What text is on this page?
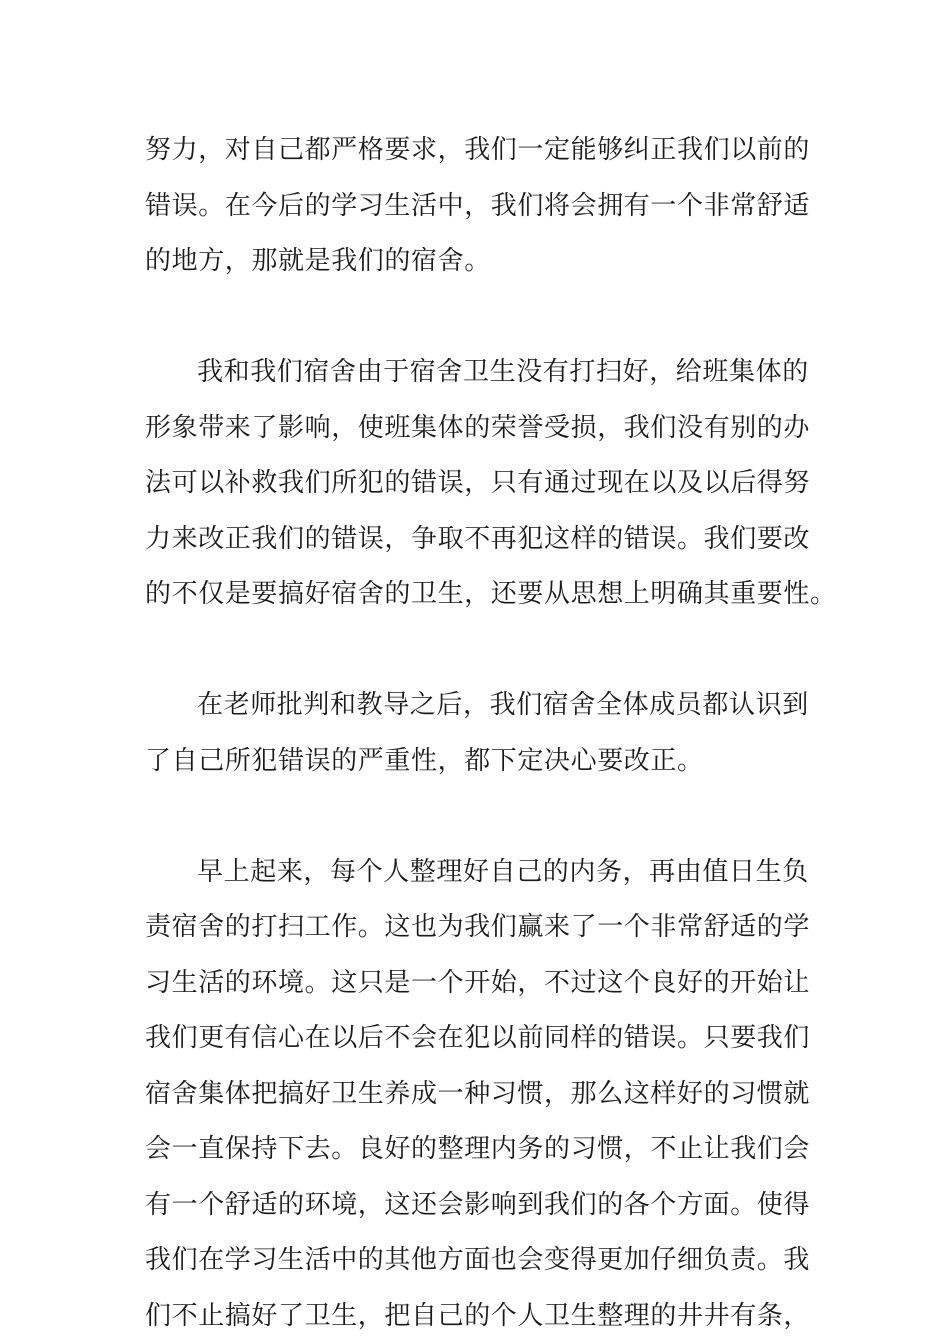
努力，对自己都严格要求，我们一定能够纠正我们以前的
错误。在今后的学习生活中，我们将会拥有一个非常舒适
的地方，那就是我们的宿舍。

我和我们宿舍由于宿舍卫生没有打扫好，给班集体的
形象带来了影响，使班集体的荣誉受损，我们没有别的办
法可以补救我们所犯的错误，只有通过现在以及以后得努
力来改正我们的错误，争取不再犯这样的错误。我们要改
的不仅是要搞好宿舍的卫生，还要从思想上明确其重要性。

在老师批判和教导之后，我们宿舍全体成员都认识到
了自己所犯错误的严重性，都下定决心要改正。

早上起来，每个人整理好自己的内务，再由值日生负
责宿舍的打扫工作。这也为我们赢来了一个非常舒适的学
习生活的环境。这只是一个开始，不过这个良好的开始让
我们更有信心在以后不会在犯以前同样的错误。只要我们
宿舍集体把搞好卫生养成一种习惯，那么这样好的习惯就
会一直保持下去。良好的整理内务的习惯，不止让我们会
有一个舒适的环境，这还会影响到我们的各个方面。使得
我们在学习生活中的其他方面也会变得更加仔细负责。我
们不止搞好了卫生，把自己的个人卫生整理的井井有条，
